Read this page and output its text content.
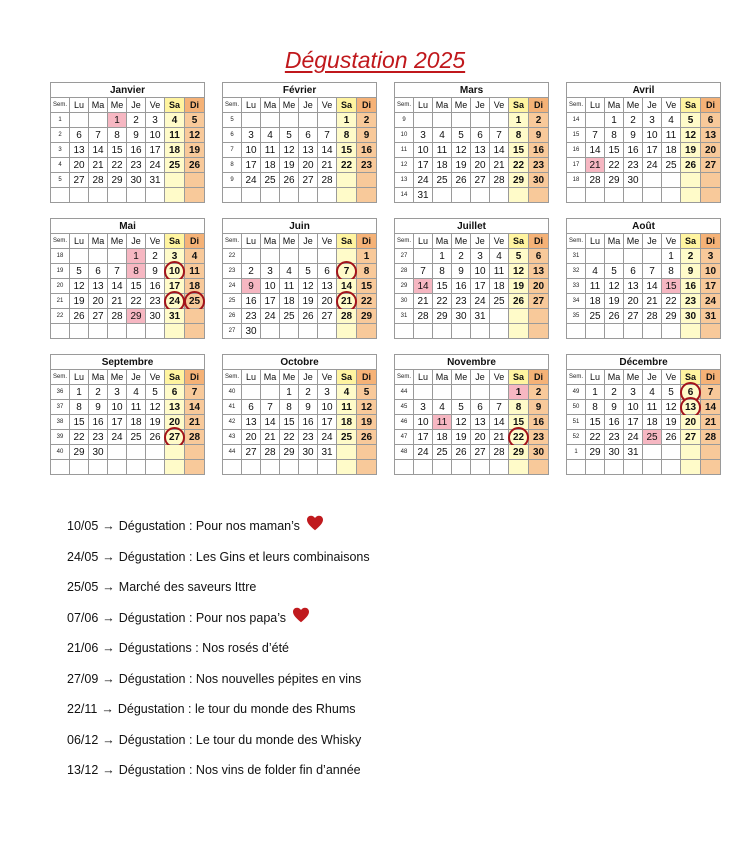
Dégustation 2025
Janvier							
Sem.	Lu	Ma	Me	Je	Ve	Sa	Di
1			1	2	3	4	5
2	6	7	8	9	10	11	12
3	13	14	15	16	17	18	19
4	20	21	22	23	24	25	26
5	27	28	29	30	31		

Février							
Sem.	Lu	Ma	Me	Je	Ve	Sa	Di
5						1	2
6	3	4	5	6	7	8	9
7	10	11	12	13	14	15	16
8	17	18	19	20	21	22	23
9	24	25	26	27	28		

Mars							
Sem.	Lu	Ma	Me	Je	Ve	Sa	Di
9						1	2
10	3	4	5	6	7	8	9
11	10	11	12	13	14	15	16
12	17	18	19	20	21	22	23
13	24	25	26	27	28	29	30
14	31						
Avril							
Sem.	Lu	Ma	Me	Je	Ve	Sa	Di
14		1	2	3	4	5	6
15	7	8	9	10	11	12	13
16	14	15	16	17	18	19	20
17	21	22	23	24	25	26	27
18	28	29	30				

Mai							
Sem.	Lu	Ma	Me	Je	Ve	Sa	Di
18				1	2	3	4
19	5	6	7	8	9	10	11
20	12	13	14	15	16	17	18
21	19	20	21	22	23	24	25

22	26	27	28	29	30	31	

Juin							
Sem.	Lu	Ma	Me	Je	Ve	Sa	Di
22							1
23	2	3	4	5	6	7	8
24	9	10	11	12	13	14	15
25	16	17	18	19	20	21	22
26	23	24	25	26	27	28	29
27	30						
Juillet							
Sem.	Lu	Ma	Me	Je	Ve	Sa	Di
27		1	2	3	4	5	6
28	7	8	9	10	11	12	13
29	14	15	16	17	18	19	20
30	21	22	23	24	25	26	27
31	28	29	30	31			

Août							
Sem.	Lu	Ma	Me	Je	Ve	Sa	Di
31					1	2	3
32	4	5	6	7	8	9	10
33	11	12	13	14	15	16	17
34	18	19	20	21	22	23	24
35	25	26	27	28	29	30	31

Septembre							
Sem.	Lu	Ma	Me	Je	Ve	Sa	Di
36	1	2	3	4	5	6	7
37	8	9	10	11	12	13	14
38	15	16	17	18	19	20	21
39	22	23	24	25	26	27	28
40	29	30					

Octobre							
Sem.	Lu	Ma	Me	Je	Ve	Sa	Di
40			1	2	3	4	5
41	6	7	8	9	10	11	12
42	13	14	15	16	17	18	19
43	20	21	22	23	24	25	26
44	27	28	29	30	31		

Novembre							
Sem.	Lu	Ma	Me	Je	Ve	Sa	Di
44						1	2
45	3	4	5	6	7	8	9
46	10	11	12	13	14	15	16
47	17	18	19	20	21	22	23
48	24	25	26	27	28	29	30

Décembre							
Sem.	Lu	Ma	Me	Je	Ve	Sa	Di
49	1	2	3	4	5	6	7
50	8	9	10	11	12	13	14
51	15	16	17	18	19	20	21
52	22	23	24	25	26	27	28
1	29	30	31				

10/05 → Dégustation : Pour nos maman’s
24/05 → Dégustation : Les Gins et leurs combinaisons
25/05 → Marché des saveurs Ittre
07/06 → Dégustation : Pour nos papa’s
21/06 → Dégustations : Nos rosés d’été
27/09 → Dégustation : Nos nouvelles pépites en vins
22/11 → Dégustation : le tour du monde des Rhums
06/12 → Dégustation : Le tour du monde des Whisky
13/12 → Dégustation : Nos vins de folder fin d’année
